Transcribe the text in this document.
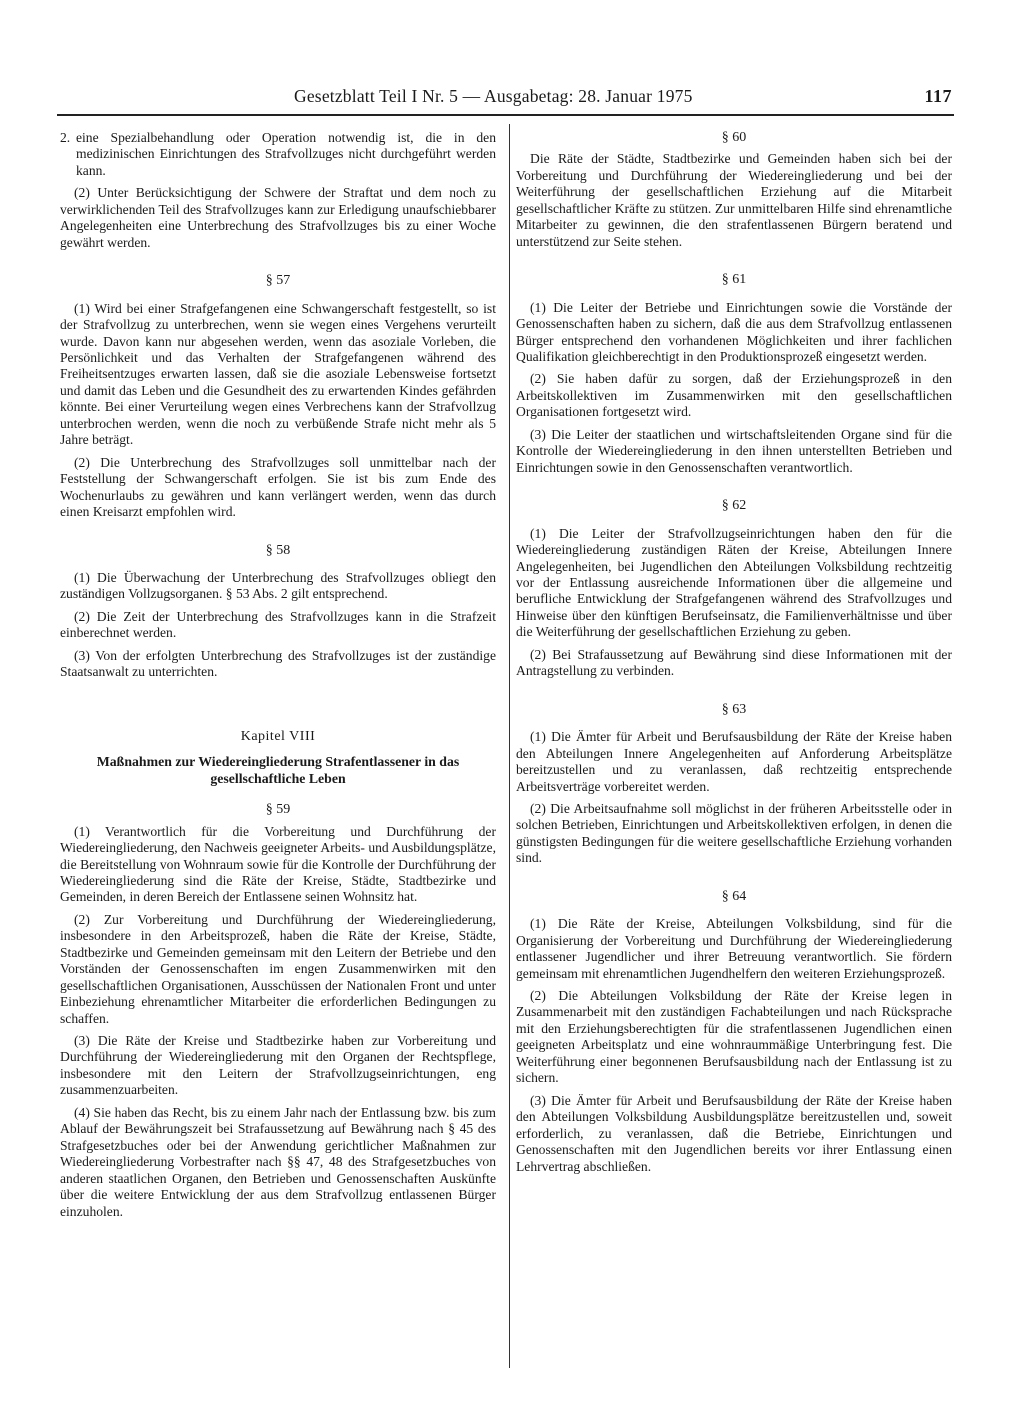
Gesetzblatt Teil I Nr. 5 — Ausgabetag: 28. Januar 1975	117

2. eine Spezialbehandlung oder Operation notwendig ist, die in den medizinischen Einrichtungen des Strafvollzuges nicht durchgeführt werden kann.

(2) Unter Berücksichtigung der Schwere der Straftat und dem noch zu verwirklichenden Teil des Strafvollzuges kann zur Erledigung unaufschiebbarer Angelegenheiten eine Unterbrechung des Strafvollzuges bis zu einer Woche gewährt werden.

§ 57

(1) Wird bei einer Strafgefangenen eine Schwangerschaft festgestellt, so ist der Strafvollzug zu unterbrechen, wenn sie wegen eines Vergehens verurteilt wurde. Davon kann nur abgesehen werden, wenn das asoziale Vorleben, die Persönlichkeit und das Verhalten der Strafgefangenen während des Freiheitsentzuges erwarten lassen, daß sie die asoziale Lebensweise fortsetzt und damit das Leben und die Gesundheit des zu erwartenden Kindes gefährden könnte. Bei einer Verurteilung wegen eines Verbrechens kann der Strafvollzug unterbrochen werden, wenn die noch zu verbüßende Strafe nicht mehr als 5 Jahre beträgt.

(2) Die Unterbrechung des Strafvollzuges soll unmittelbar nach der Feststellung der Schwangerschaft erfolgen. Sie ist bis zum Ende des Wochenurlaubs zu gewähren und kann verlängert werden, wenn das durch einen Kreisarzt empfohlen wird.

§ 58

(1) Die Überwachung der Unterbrechung des Strafvollzuges obliegt den zuständigen Vollzugsorganen. § 53 Abs. 2 gilt entsprechend.

(2) Die Zeit der Unterbrechung des Strafvollzuges kann in die Strafzeit einberechnet werden.

(3) Von der erfolgten Unterbrechung des Strafvollzuges ist der zuständige Staatsanwalt zu unterrichten.

Kapitel VIII
Maßnahmen zur Wiedereingliederung Strafentlassener in das gesellschaftliche Leben
§ 59

(1) Verantwortlich für die Vorbereitung und Durchführung der Wiedereingliederung, den Nachweis geeigneter Arbeits- und Ausbildungsplätze, die Bereitstellung von Wohnraum sowie für die Kontrolle der Durchführung der Wiedereingliederung sind die Räte der Kreise, Städte, Stadtbezirke und Gemeinden, in deren Bereich der Entlassene seinen Wohnsitz hat.

(2) Zur Vorbereitung und Durchführung der Wiedereingliederung, insbesondere in den Arbeitsprozeß, haben die Räte der Kreise, Städte, Stadtbezirke und Gemeinden gemeinsam mit den Leitern der Betriebe und den Vorständen der Genossenschaften im engen Zusammenwirken mit den gesellschaftlichen Organisationen, Ausschüssen der Nationalen Front und unter Einbeziehung ehrenamtlicher Mitarbeiter die erforderlichen Bedingungen zu schaffen.

(3) Die Räte der Kreise und Stadtbezirke haben zur Vorbereitung und Durchführung der Wiedereingliederung mit den Organen der Rechtspflege, insbesondere mit den Leitern der Strafvollzugseinrichtungen, eng zusammenzuarbeiten.

(4) Sie haben das Recht, bis zu einem Jahr nach der Entlassung bzw. bis zum Ablauf der Bewährungszeit bei Strafaussetzung auf Bewährung nach § 45 des Strafgesetzbuches oder bei der Anwendung gerichtlicher Maßnahmen zur Wiedereingliederung Vorbestrafter nach §§ 47, 48 des Strafgesetzbuches von anderen staatlichen Organen, den Betrieben und Genossenschaften Auskünfte über die weitere Entwicklung der aus dem Strafvollzug entlassenen Bürger einzuholen.

§ 60

Die Räte der Städte, Stadtbezirke und Gemeinden haben sich bei der Vorbereitung und Durchführung der Wiedereingliederung und bei der Weiterführung der gesellschaftlichen Erziehung auf die Mitarbeit gesellschaftlicher Kräfte zu stützen. Zur unmittelbaren Hilfe sind ehrenamtliche Mitarbeiter zu gewinnen, die den strafentlassenen Bürgern beratend und unterstützend zur Seite stehen.

§ 61

(1) Die Leiter der Betriebe und Einrichtungen sowie die Vorstände der Genossenschaften haben zu sichern, daß die aus dem Strafvollzug entlassenen Bürger entsprechend den vorhandenen Möglichkeiten und ihrer fachlichen Qualifikation gleichberechtigt in den Produktionsprozeß eingesetzt werden.

(2) Sie haben dafür zu sorgen, daß der Erziehungsprozeß in den Arbeitskollektiven im Zusammenwirken mit den gesellschaftlichen Organisationen fortgesetzt wird.

(3) Die Leiter der staatlichen und wirtschaftsleitenden Organe sind für die Kontrolle der Wiedereingliederung in den ihnen unterstellten Betrieben und Einrichtungen sowie in den Genossenschaften verantwortlich.

§ 62

(1) Die Leiter der Strafvollzugseinrichtungen haben den für die Wiedereingliederung zuständigen Räten der Kreise, Abteilungen Innere Angelegenheiten, bei Jugendlichen den Abteilungen Volksbildung rechtzeitig vor der Entlassung ausreichende Informationen über die allgemeine und berufliche Entwicklung der Strafgefangenen während des Strafvollzuges und Hinweise über den künftigen Berufseinsatz, die Familienverhältnisse und über die Weiterführung der gesellschaftlichen Erziehung zu geben.

(2) Bei Strafaussetzung auf Bewährung sind diese Informationen mit der Antragstellung zu verbinden.

§ 63

(1) Die Ämter für Arbeit und Berufsausbildung der Räte der Kreise haben den Abteilungen Innere Angelegenheiten auf Anforderung Arbeitsplätze bereitzustellen und zu veranlassen, daß rechtzeitig entsprechende Arbeitsverträge vorbereitet werden.

(2) Die Arbeitsaufnahme soll möglichst in der früheren Arbeitsstelle oder in solchen Betrieben, Einrichtungen und Arbeitskollektiven erfolgen, in denen die günstigsten Bedingungen für die weitere gesellschaftliche Erziehung vorhanden sind.

§ 64

(1) Die Räte der Kreise, Abteilungen Volksbildung, sind für die Organisierung der Vorbereitung und Durchführung der Wiedereingliederung entlassener Jugendlicher und ihrer Betreuung verantwortlich. Sie fördern gemeinsam mit ehrenamtlichen Jugendhelfern den weiteren Erziehungsprozeß.

(2) Die Abteilungen Volksbildung der Räte der Kreise legen in Zusammenarbeit mit den zuständigen Fachabteilungen und nach Rücksprache mit den Erziehungsberechtigten für die strafentlassenen Jugendlichen einen geeigneten Arbeitsplatz und eine wohnraummäßige Unterbringung fest. Die Weiterführung einer begonnenen Berufsausbildung nach der Entlassung ist zu sichern.

(3) Die Ämter für Arbeit und Berufsausbildung der Räte der Kreise haben den Abteilungen Volksbildung Ausbildungsplätze bereitzustellen und, soweit erforderlich, zu veranlassen, daß die Betriebe, Einrichtungen und Genossenschaften mit den Jugendlichen bereits vor ihrer Entlassung einen Lehrvertrag abschließen.
